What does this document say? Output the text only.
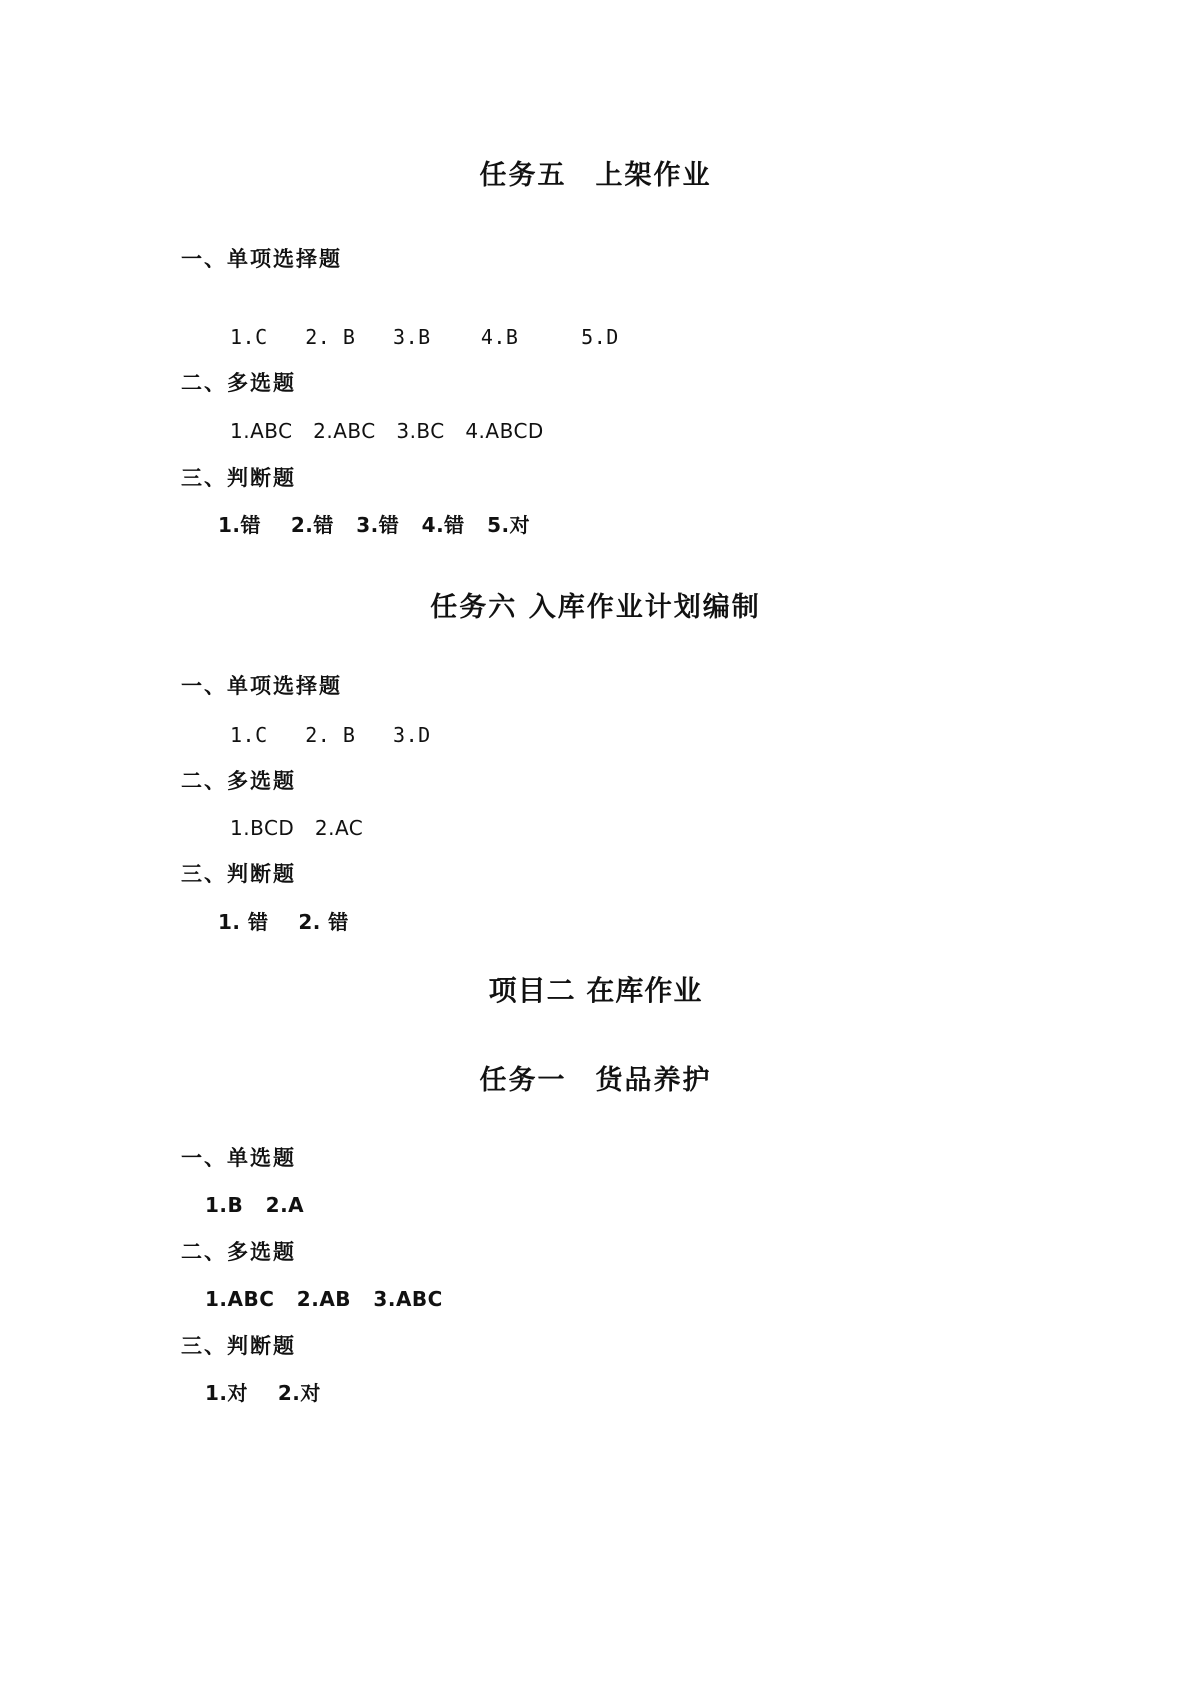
任务五　上架作业
一、单项选择题
1.C   2. B   3.B    4.B     5.D
二、多选题
1.ABC   2.ABC   3.BC   4.ABCD
三、判断题
1.错    2.错   3.错   4.错   5.对
任务六 入库作业计划编制
一、单项选择题
1.C   2. B   3.D
二、多选题
1.BCD   2.AC
三、判断题
1. 错    2. 错
项目二 在库作业
任务一　货品养护
一、单选题
1.B   2.A
二、多选题
1.ABC   2.AB   3.ABC
三、判断题
1.对    2.对
